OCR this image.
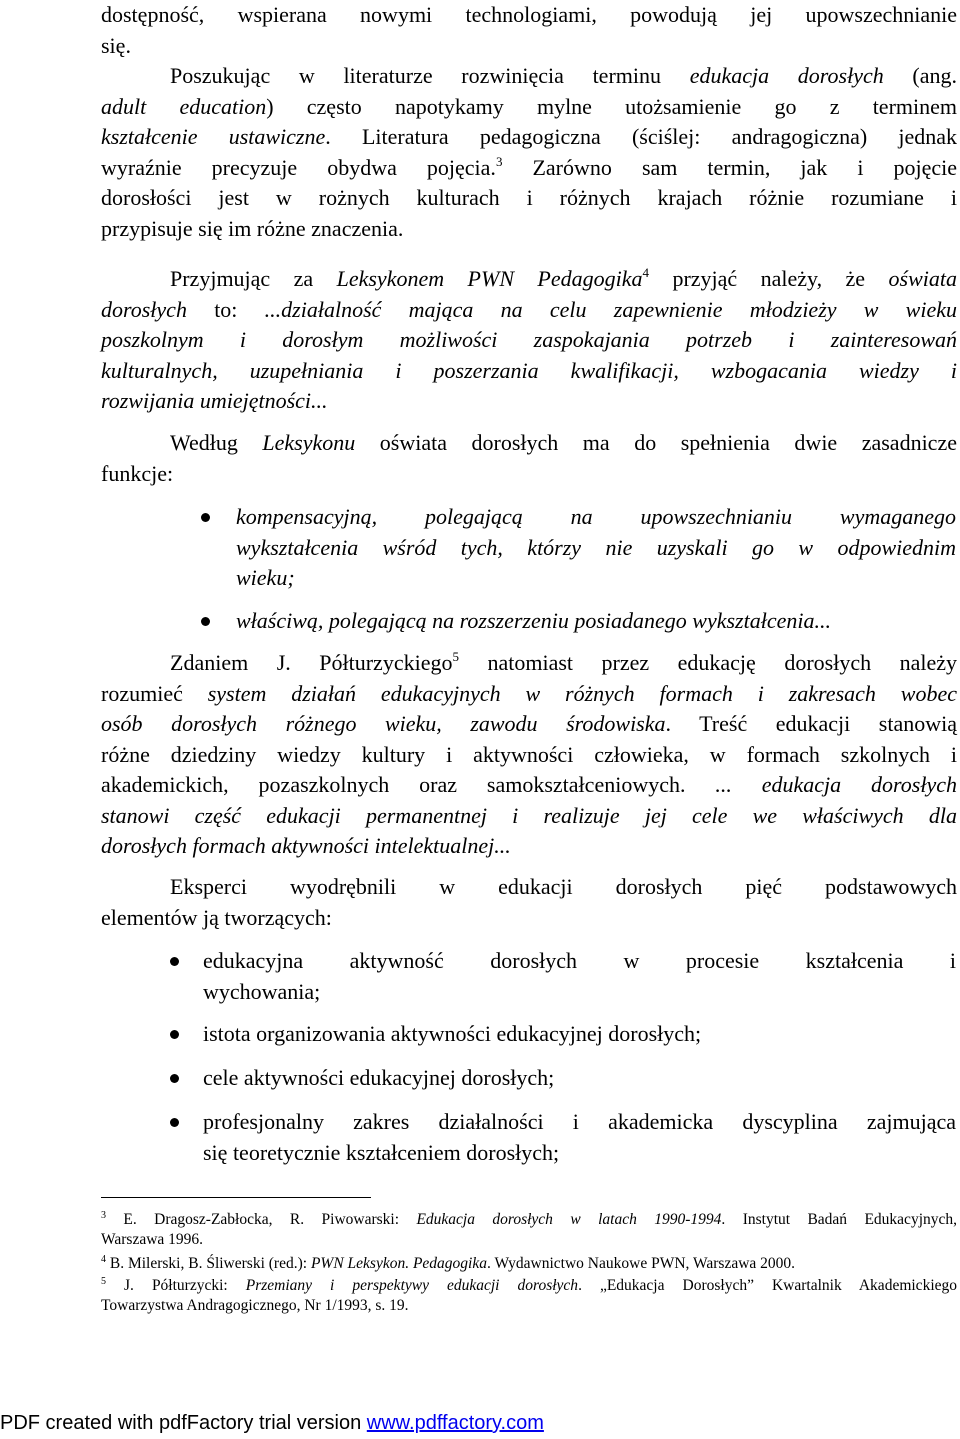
dostępność, wspierana nowymi technologiami, powodują jej upowszechnianie
się.

Poszukując w literaturze rozwinięcia terminu edukacja dorosłych (ang.
adult education) często napotykamy mylne utożsamienie go z terminem
kształcenie ustawiczne. Literatura pedagogiczna (ściślej: andragogiczna) jednak
wyraźnie precyzuje obydwa pojęcia.$^3$ Zarówno sam termin, jak i pojęcie
dorosłości jest w rożnych kulturach i różnych krajach różnie rozumiane i
przypisuje się im różne znaczenia.

Przyjmując za Leksykonem PWN Pedagogika$^4$ przyjąć należy, że oświata
dorosłych to: ...działalność mająca na celu zapewnienie młodzieży w wieku
poszkolnym i dorosłym możliwości zaspokajania potrzeb i zainteresowań
kulturalnych, uzupełniania i poszerzania kwalifikacji, wzbogacania wiedzy i
rozwijania umiejętności...

Według Leksykonu oświata dorosłych ma do spełnienia dwie zasadnicze
funkcje:

Zdaniem J. Półturzyckiego$^5$ natomiast przez edukację dorosłych należy
rozumieć system działań edukacyjnych w różnych formach i zakresach wobec
osób dorosłych różnego wieku, zawodu środowiska. Treść edukacji stanowią
różne dziedziny wiedzy kultury i aktywności człowieka, w formach szkolnych i
akademickich, pozaszkolnych oraz samokształceniowych. ... edukacja dorosłych
stanowi część edukacji permanentnej i realizuje jej cele we właściwych dla
dorosłych formach aktywności intelektualnej...

Eksperci wyodrębnili w edukacji dorosłych pięć podstawowych
elementów ją tworzących:

kompensacyjną, polegającą na upowszechnianiu wymaganego
wykształcenia wśród tych, którzy nie uzyskali go w odpowiednim
wieku;

właściwą, polegającą na rozszerzeniu posiadanego wykształcenia...

edukacyjna aktywność dorosłych w procesie kształcenia i
wychowania;

istota organizowania aktywności edukacyjnej dorosłych;

cele aktywności edukacyjnej dorosłych;

profesjonalny zakres działalności i akademicka dyscyplina zajmująca
się teoretycznie kształceniem dorosłych;

$^3$ E. Dragosz-Zabłocka, R. Piwowarski: Edukacja dorosłych w latach 1990-1994. Instytut Badań Edukacyjnych,
Warszawa 1996.
$^4$ B. Milerski, B. Śliwerski (red.): PWN Leksykon. Pedagogika. Wydawnictwo Naukowe PWN, Warszawa 2000.
$^5$ J. Półturzycki: Przemiany i perspektywy edukacji dorosłych. „Edukacja Dorosłych” Kwartalnik Akademickiego
Towarzystwa Andragogicznego, Nr 1/1993, s. 19.
PDF created with pdfFactory trial version www.pdffactory.com
